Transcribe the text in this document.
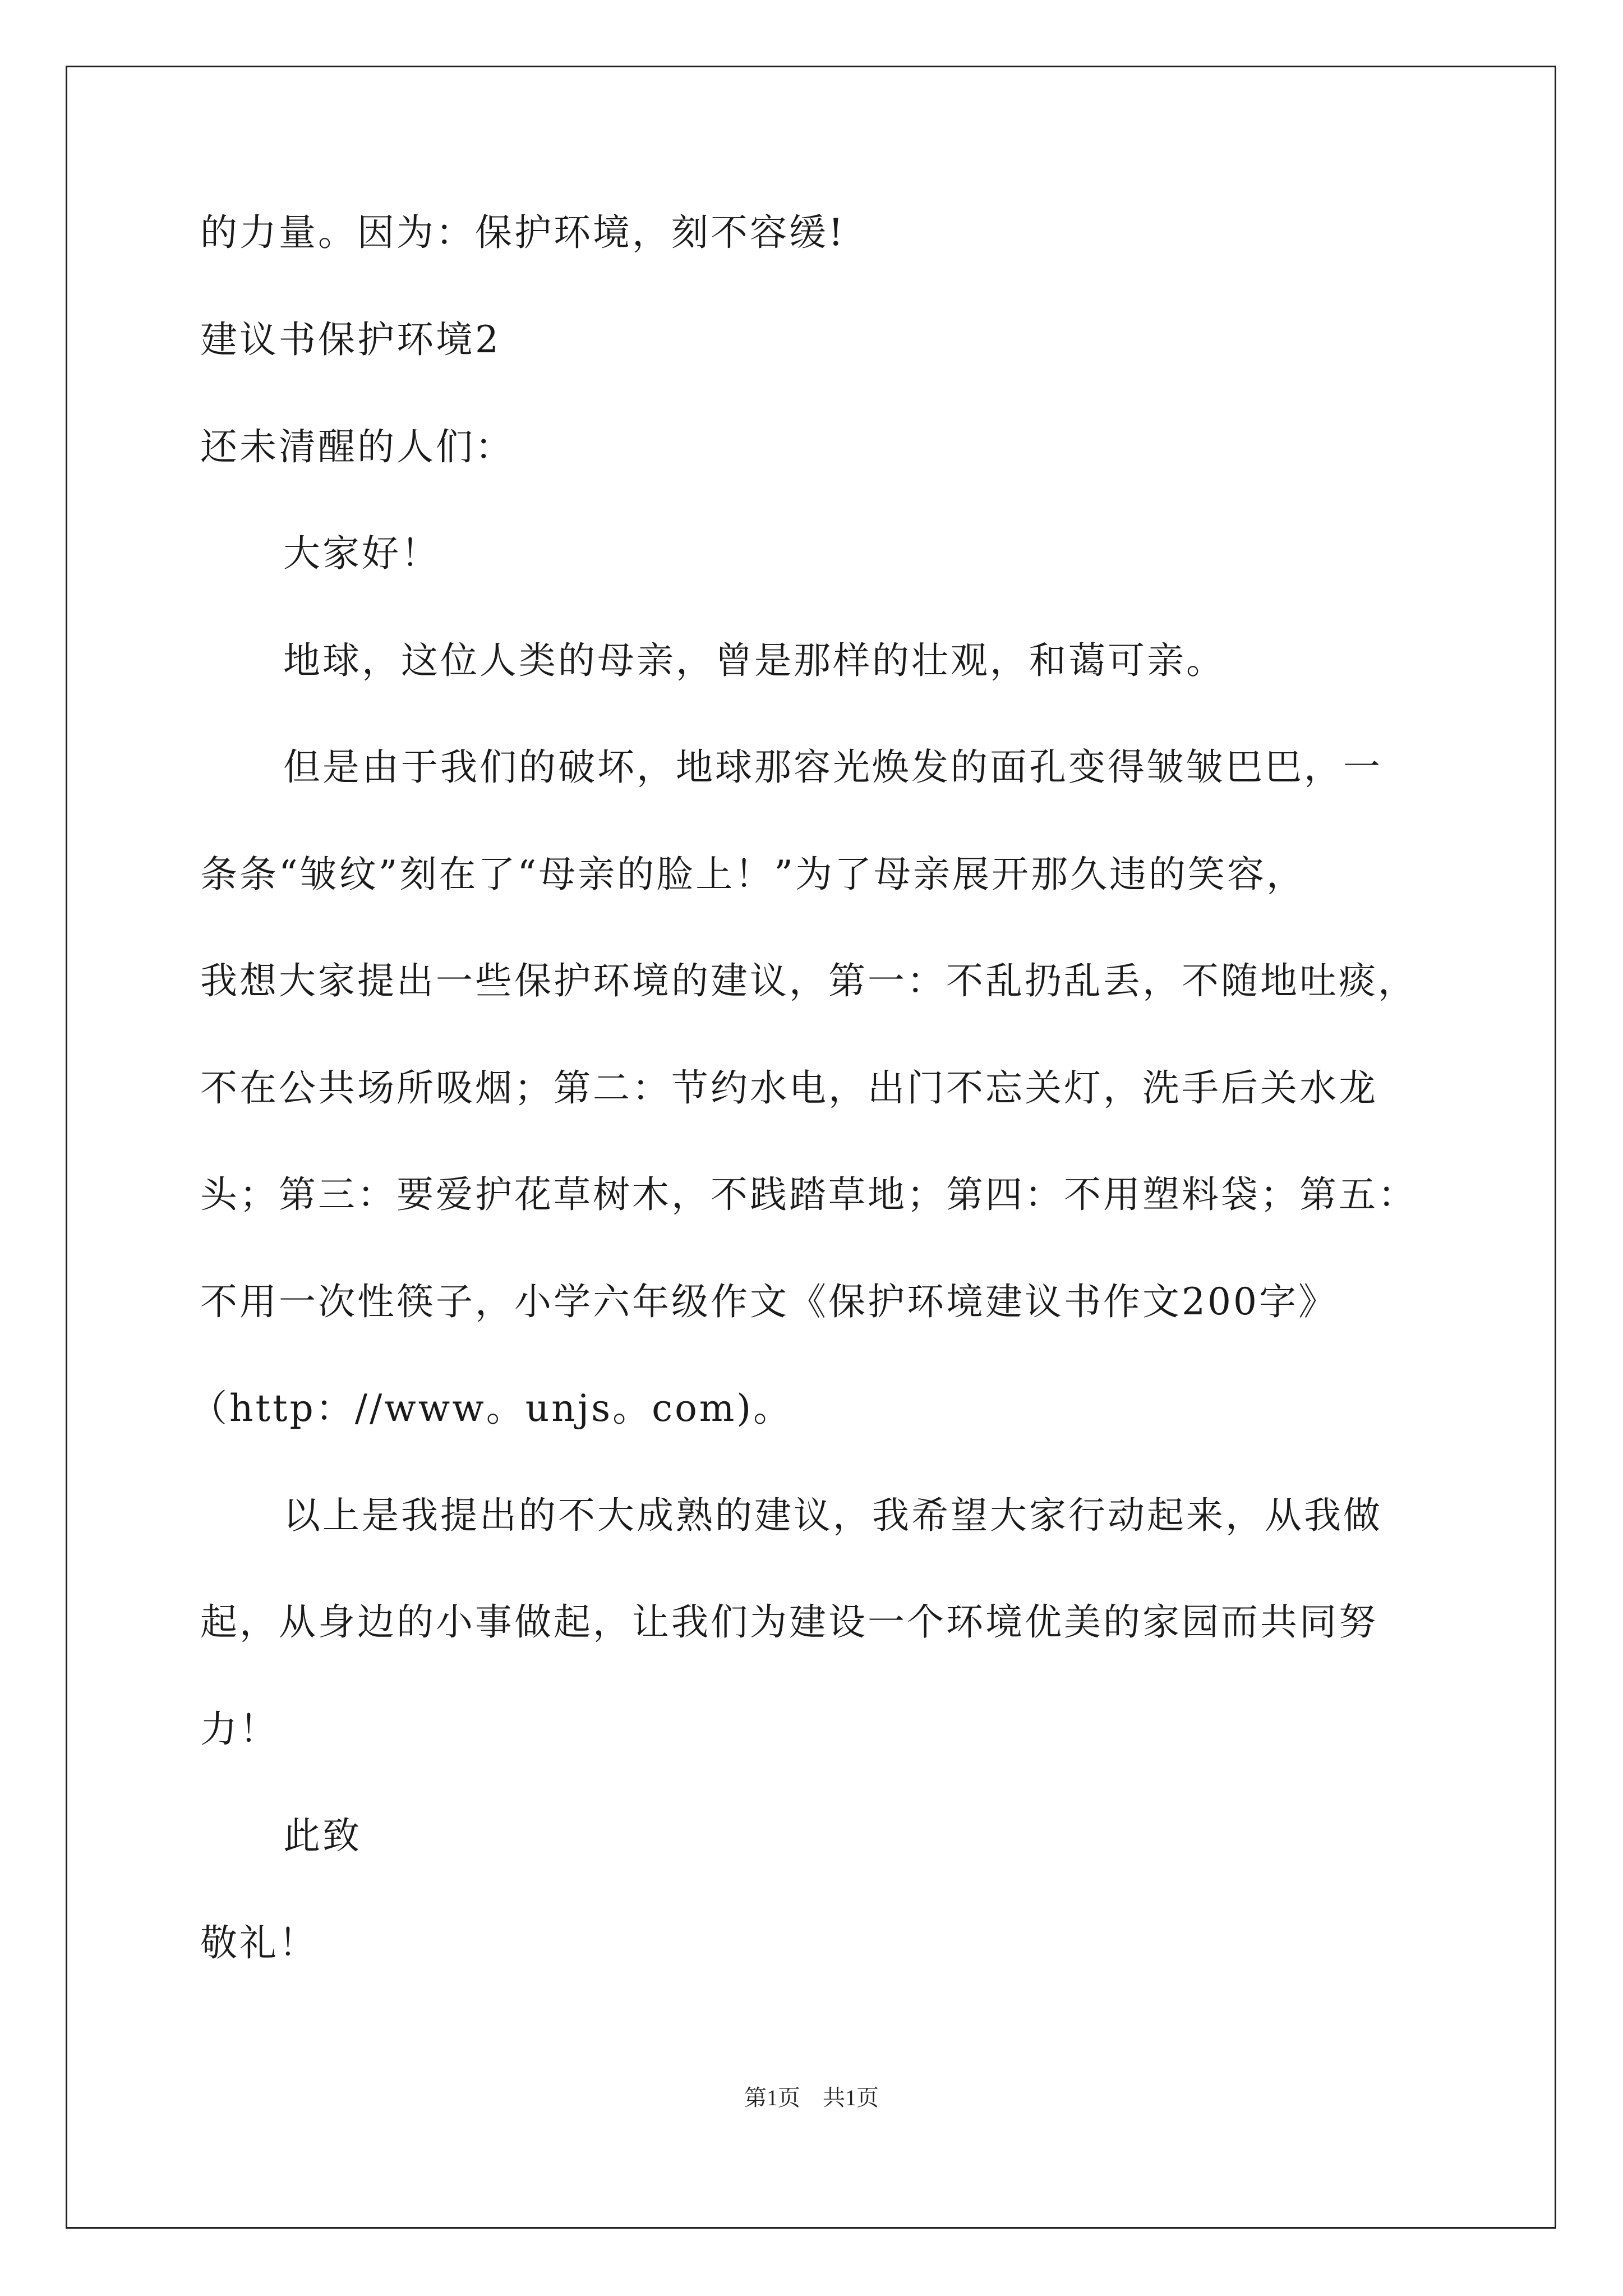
的力量。因为：保护环境，刻不容缓!
建议书保护环境2
还未清醒的人们：
大家好！
地球，这位人类的母亲，曾是那样的壮观，和蔼可亲。
但是由于我们的破坏，地球那容光焕发的面孔变得皱皱巴巴，一
条条“皱纹”刻在了“母亲的脸上！”为了母亲展开那久违的笑容，
我想大家提出一些保护环境的建议，第一：不乱扔乱丢，不随地吐痰，
不在公共场所吸烟；第二：节约水电，出门不忘关灯，洗手后关水龙
头；第三：要爱护花草树木，不践踏草地；第四：不用塑料袋；第五：
不用一次性筷子，小学六年级作文《保护环境建议书作文200字》
（http：//www。unjs。com)。
以上是我提出的不大成熟的建议，我希望大家行动起来，从我做
起，从身边的小事做起，让我们为建设一个环境优美的家园而共同努
力！
此致
敬礼！
第1页　共1页
